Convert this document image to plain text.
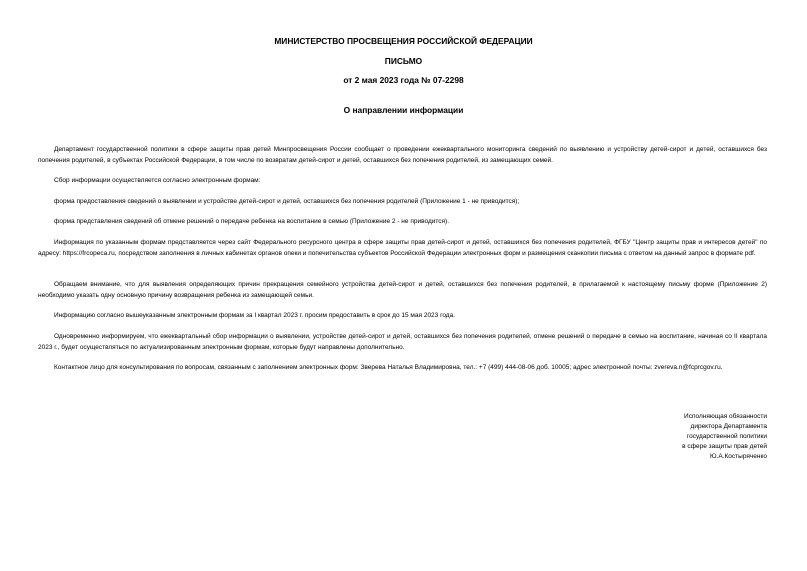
МИНИСТЕРСТВО ПРОСВЕЩЕНИЯ РОССИЙСКОЙ ФЕДЕРАЦИИ
ПИСЬМО
от 2 мая 2023 года № 07-2298
О направлении информации
Департамент государственной политики в сфере защиты прав детей Минпросвещения России сообщает о проведении ежеквартального мониторинга сведений по выявлению и устройству детей-сирот и детей, оставшихся без попечения родителей, в субъектах Российской Федерации, в том числе по возвратам детей-сирот и детей, оставшихся без попечения родителей, из замещающих семей.
Сбор информации осуществляется согласно электронным формам:
форма предоставления сведений о выявлении и устройстве детей-сирот и детей, оставшихся без попечения родителей (Приложение 1 - не приводится);
форма представления сведений об отмене решений о передаче ребенка на воспитание в семью (Приложение 2 - не приводится).
Информация по указанным формам представляется через сайт Федерального ресурсного центра в сфере защиты прав детей-сирот и детей, оставшихся без попечения родителей, ФГБУ "Центр защиты прав и интересов детей" по адресу: https://frcopeca.ru, посредством заполнения в личных кабинетах органов опеки и попечительства субъектов Российской Федерации электронных форм и размещения сканкопии письма с ответом на данный запрос в формате pdf.
Обращаем внимание, что для выявления определяющих причин прекращения семейного устройства детей-сирот и детей, оставшихся без попечения родителей, в прилагаемой к настоящему письму форме (Приложение 2) необходимо указать одну основную причину возвращения ребенка из замещающей семьи.
Информацию согласно вышеуказанным электронным формам за I квартал 2023 г. просим предоставить в срок до 15 мая 2023 года.
Одновременно информируем, что ежеквартальный сбор информации о выявлении, устройстве детей-сирот и детей, оставшихся без попечения родителей, отмене решений о передаче в семью на воспитание, начиная со II квартала 2023 г., будет осуществляться по актуализированным электронным формам, которые будут направлены дополнительно.
Контактное лицо для консультирования по вопросам, связанным с заполнением электронных форм: Зверева Наталья Владимировна, тел.: +7 (499) 444-08-06 доб. 10005; адрес электронной почты: zvereva.n@fcprcgov.ru.
Исполняющая обязанности
директора Департамента
государственной политики
в сфере защиты прав детей
Ю.А.Костыряченко
